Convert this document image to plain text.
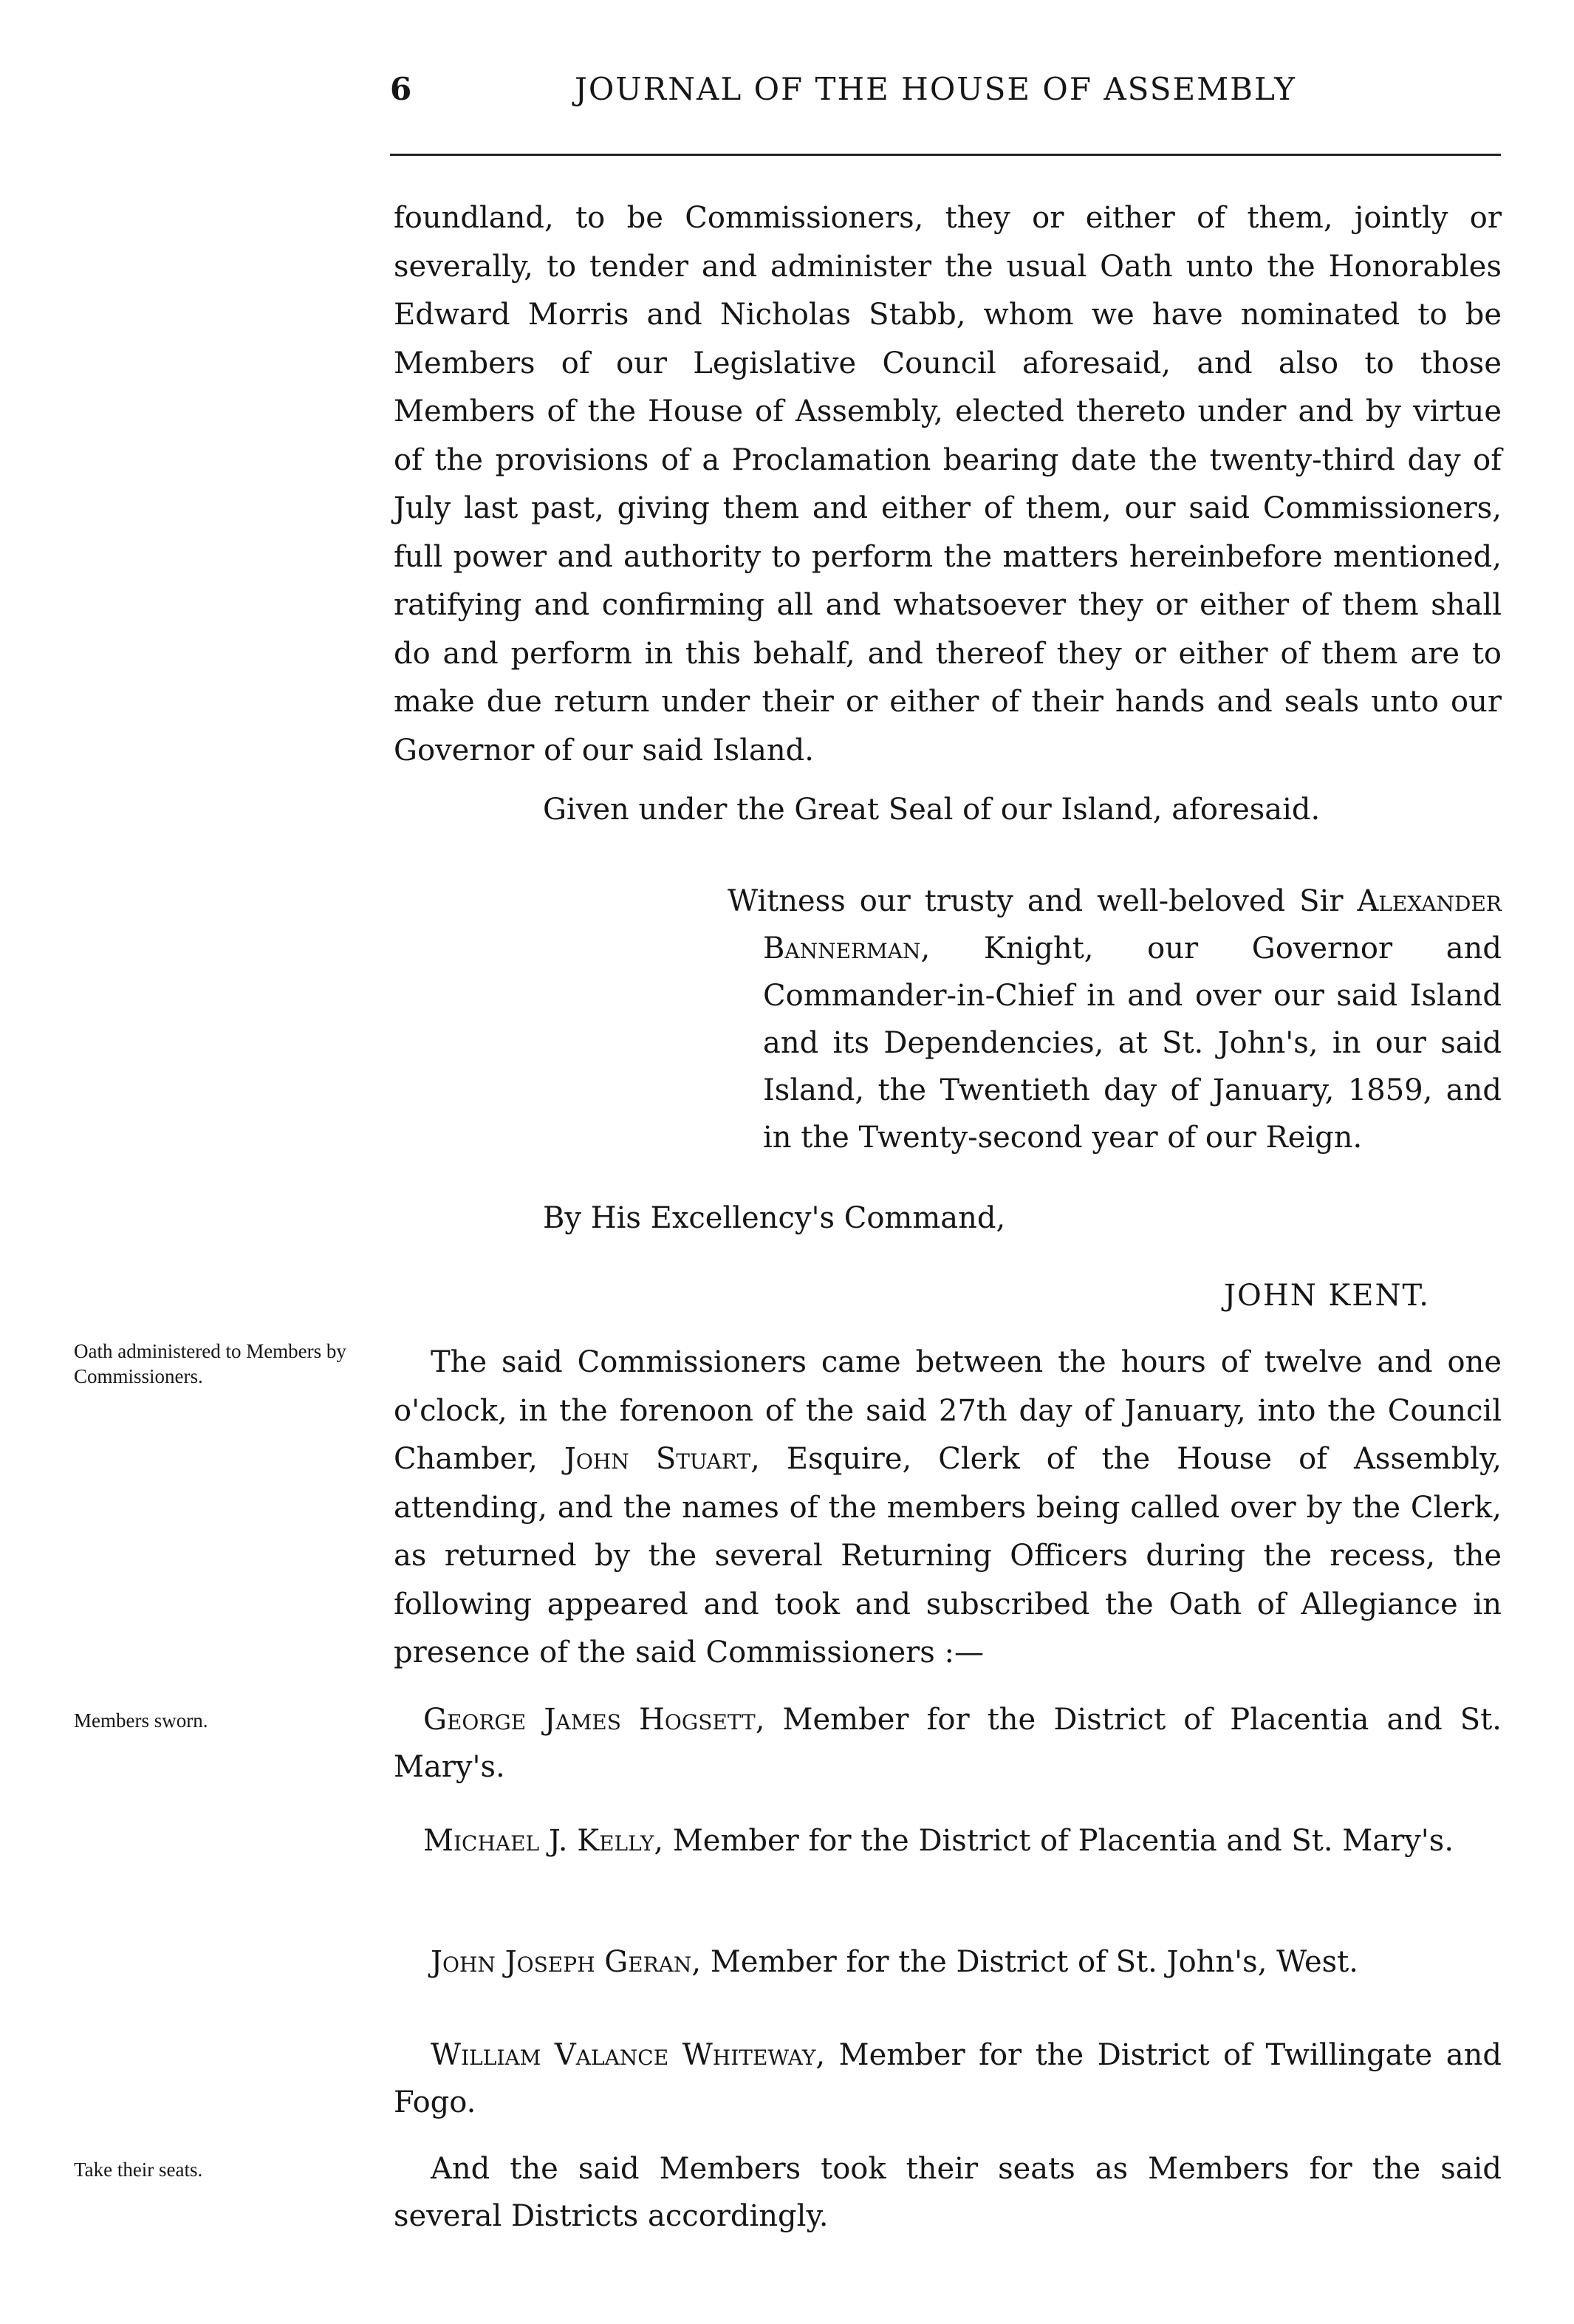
6	JOURNAL OF THE HOUSE OF ASSEMBLY
foundland, to be Commissioners, they or either of them, jointly or severally, to tender and administer the usual Oath unto the Honorables Edward Morris and Nicholas Stabb, whom we have nominated to be Members of our Legislative Council aforesaid, and also to those Members of the House of Assembly, elected thereto under and by virtue of the provisions of a Proclamation bearing date the twenty-third day of July last past, giving them and either of them, our said Commissioners, full power and authority to perform the matters hereinbefore mentioned, ratifying and confirming all and whatsoever they or either of them shall do and perform in this behalf, and thereof they or either of them are to make due return under their or either of their hands and seals unto our Governor of our said Island.
Given under the Great Seal of our Island, aforesaid.
Witness our trusty and well-beloved Sir Alexander Bannerman, Knight, our Governor and Commander-in-Chief in and over our said Island and its Dependencies, at St. John's, in our said Island, the Twentieth day of January, 1859, and in the Twenty-second year of our Reign.
By His Excellency's Command,
JOHN KENT.
Oath administered to Members by Commissioners.	The said Commissioners came between the hours of twelve and one o'clock, in the forenoon of the said 27th day of January, into the Council Chamber, John Stuart, Esquire, Clerk of the House of Assembly, attending, and the names of the members being called over by the Clerk, as returned by the several Returning Officers during the recess, the following appeared and took and subscribed the Oath of Allegiance in presence of the said Commissioners :—
Members sworn.	George James Hogsett, Member for the District of Placentia and St. Mary's.
Michael J. Kelly, Member for the District of Placentia and St. Mary's.
John Joseph Geran, Member for the District of St. John's, West.
William Valance Whiteway, Member for the District of Twillingate and Fogo.
Take their seats.	And the said Members took their seats as Members for the said several Districts accordingly.
